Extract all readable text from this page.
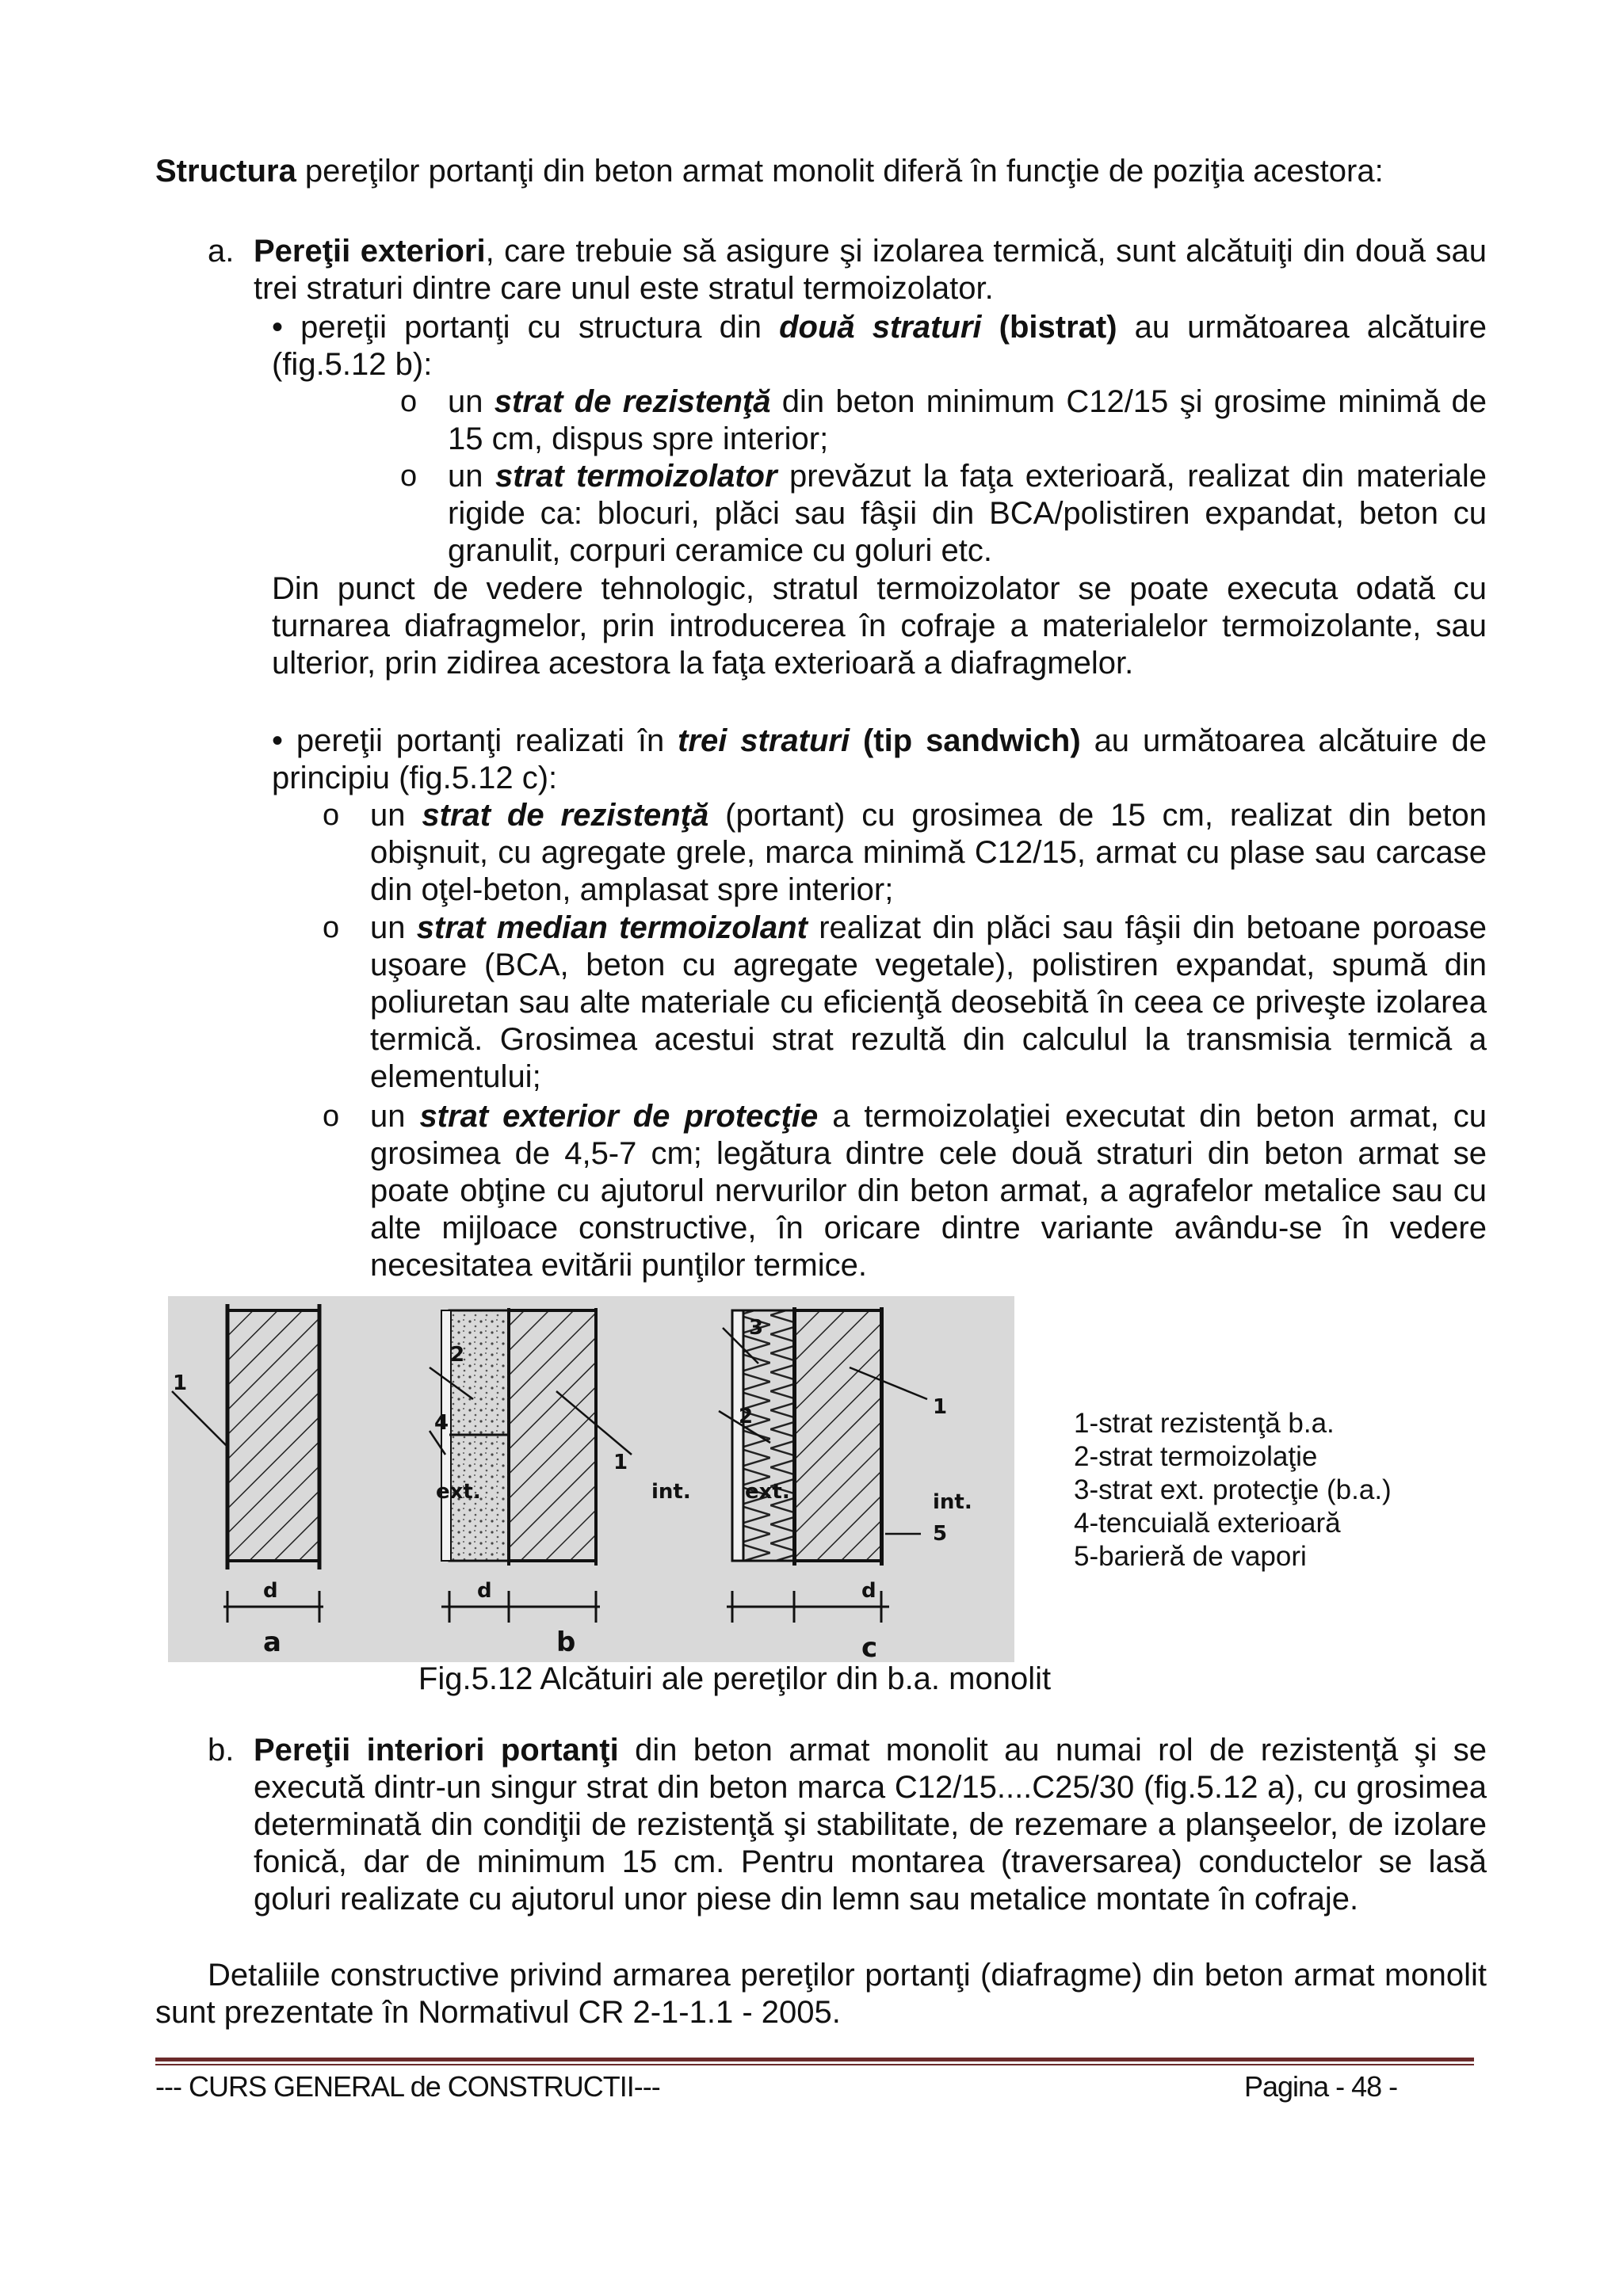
Structura pereţilor portanţi din beton armat monolit diferă în funcţie de poziţia acestora:

a. Pereţii exteriori, care trebuie să asigure şi izolarea termică, sunt alcătuiţi din două sau trei straturi dintre care unul este stratul termoizolator.

• pereţii portanţi cu structura din două straturi (bistrat) au următoarea alcătuire (fig.5.12 b):

o un strat de rezistenţă din beton minimum C12/15 şi grosime minimă de 15 cm, dispus spre interior;

o un strat termoizolator prevăzut la faţa exterioară, realizat din materiale rigide ca: blocuri, plăci sau fâşii din BCA/polistiren expandat, beton cu granulit, corpuri ceramice cu goluri etc.

Din punct de vedere tehnologic, stratul termoizolator se poate executa odată cu turnarea diafragmelor, prin introducerea în cofraje a materialelor termoizolante, sau ulterior, prin zidirea acestora la faţa exterioară a diafragmelor.

• pereţii portanţi realizati în trei straturi (tip sandwich) au următoarea alcătuire de principiu (fig.5.12 c):

o un strat de rezistenţă (portant) cu grosimea de 15 cm, realizat din beton obişnuit, cu agregate grele, marca minimă C12/15, armat cu plase sau carcase din oţel-beton, amplasat spre interior;

o un strat median termoizolant realizat din plăci sau fâşii din betoane poroase uşoare (BCA, beton cu agregate vegetale), polistiren expandat, spumă din poliuretan sau alte materiale cu eficienţă deosebită în ceea ce priveşte izolarea termică. Grosimea acestui strat rezultă din calculul la transmisia termică a elementului;

o un strat exterior de protecţie a termoizolaţiei executat din beton armat, cu grosimea de 4,5-7 cm; legătura dintre cele două straturi din beton armat se poate obţine cu ajutorul nervurilor din beton armat, a agrafelor metalice sau cu alte mijloace constructive, în oricare dintre variante avându-se în vedere necesitatea evitării punţilor termice.

1
d
a
2
4
1
ext.	int.
d
b
3
2	1
ext.	int.
5
d
c
1-strat rezistenţă b.a.
2-strat termoizolaţie
3-strat ext. protecţie (b.a.)
4-tencuială exterioară
5-barieră de vapori
Fig.5.12 Alcătuiri ale pereţilor din b.a. monolit
b. Pereţii interiori portanţi din beton armat monolit au numai rol de rezistenţă şi se execută dintr-un singur strat din beton marca C12/15....C25/30 (fig.5.12 a), cu grosimea determinată din condiţii de rezistenţă şi stabilitate, de rezemare a planşeelor, de izolare fonică, dar de minimum 15 cm. Pentru montarea (traversarea) conductelor se lasă goluri realizate cu ajutorul unor piese din lemn sau metalice montate în cofraje.

Detaliile constructive privind armarea pereţilor portanţi (diafragme) din beton armat monolit sunt prezentate în Normativul CR 2-1-1.1 - 2005.

--- CURS GENERAL de CONSTRUCTII---	Pagina - 48 -
